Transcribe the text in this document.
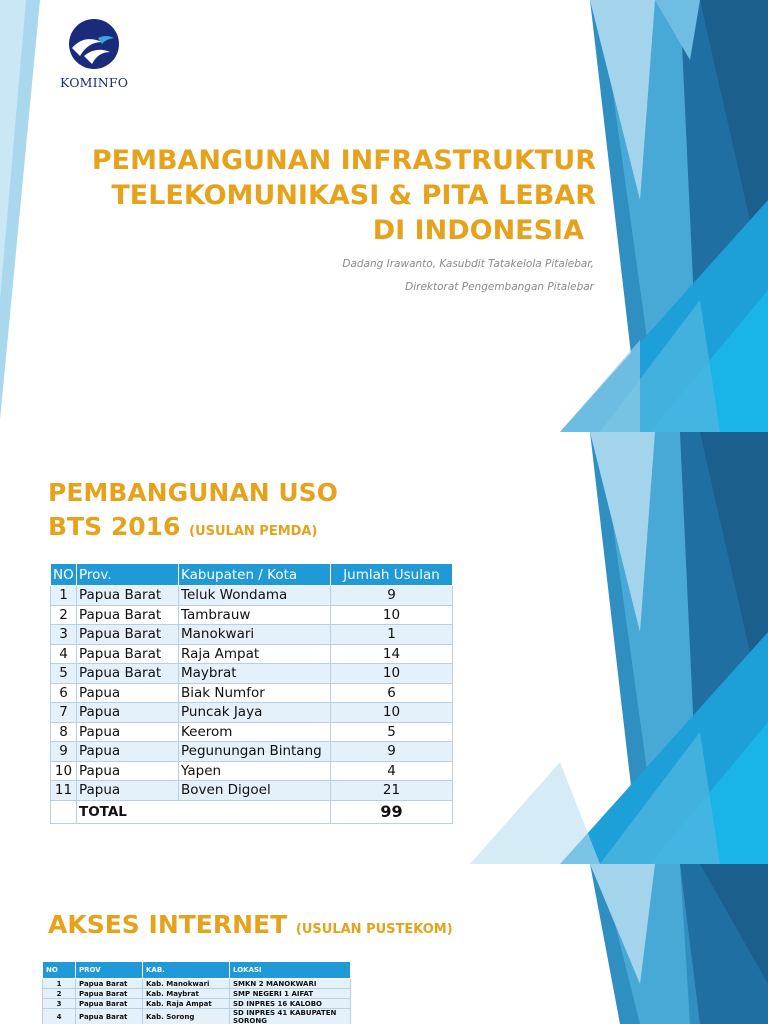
KOMINFO
PEMBANGUNAN INFRASTRUKTUR
TELEKOMUNIKASI & PITA LEBAR
DI INDONESIA
Dadang Irawanto, Kasubdit Tatakelola Pitalebar,
Direktorat Pengembangan Pitalebar
PEMBANGUNAN USO
BTS 2016 (USULAN PEMDA)
NO	Prov.	Kabupaten / Kota	Jumlah Usulan
1	Papua Barat	Teluk Wondama	9
2	Papua Barat	Tambrauw	10
3	Papua Barat	Manokwari	1
4	Papua Barat	Raja Ampat	14
5	Papua Barat	Maybrat	10
6	Papua	Biak Numfor	6
7	Papua	Puncak Jaya	10
8	Papua	Keerom	5
9	Papua	Pegunungan Bintang	9
10	Papua	Yapen	4
11	Papua	Boven Digoel	21
	TOTAL		99
AKSES INTERNET (USULAN PUSTEKOM)
NO	PROV	KAB.	LOKASI
1	Papua Barat	Kab. Manokwari	SMKN 2 MANOKWARI
2	Papua Barat	Kab. Maybrat	SMP NEGERI 1 AIFAT
3	Papua Barat	Kab. Raja Ampat	SD INPRES 16 KALOBO
4	Papua Barat	Kab. Sorong	SD INPRES 41 KABUPATEN SORONG
